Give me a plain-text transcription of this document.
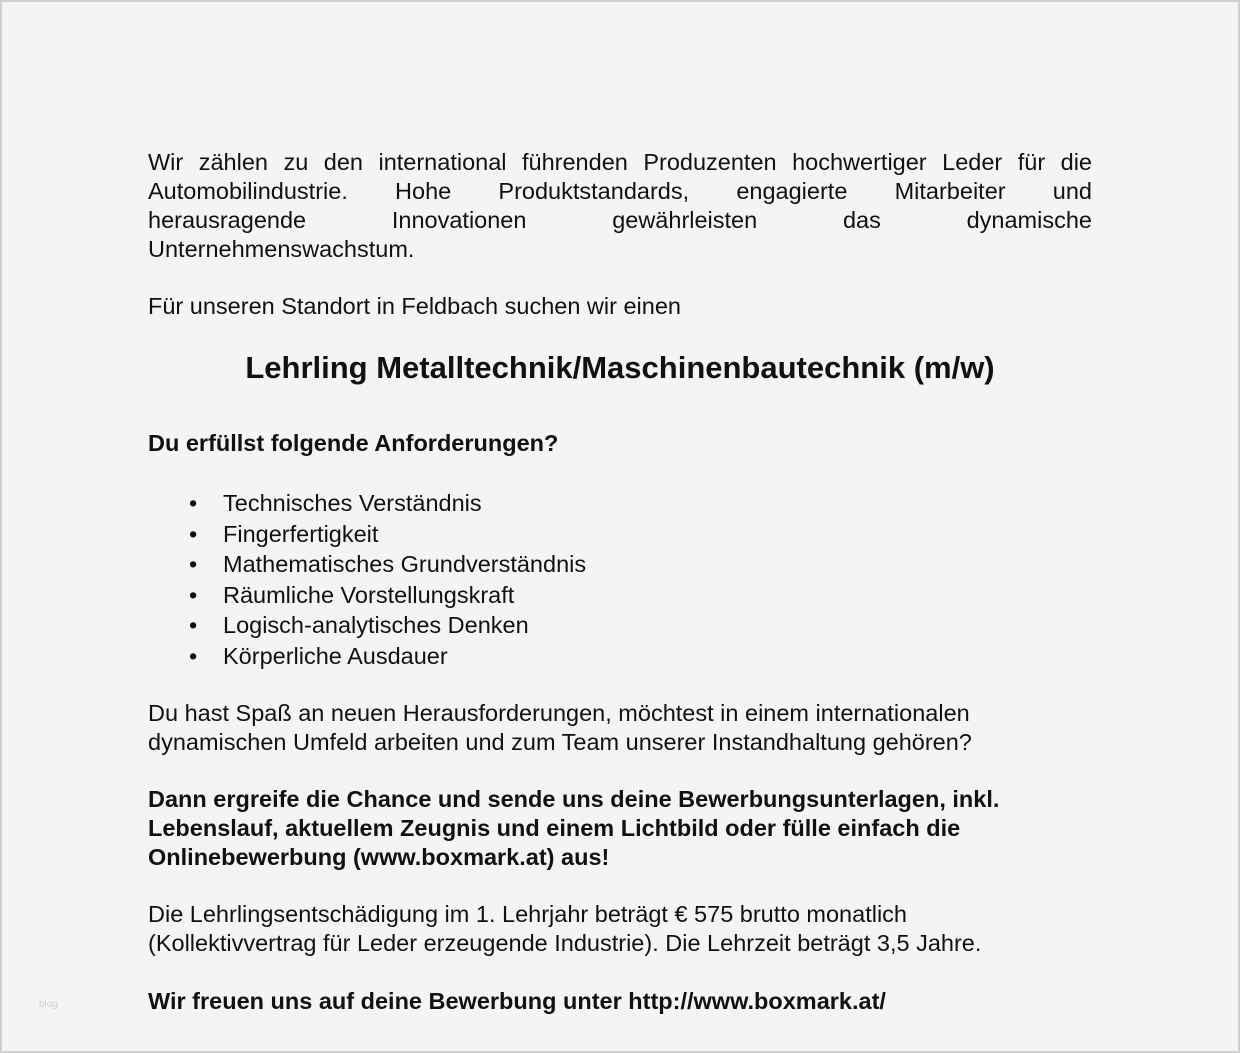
Wir zählen zu den international führenden Produzenten hochwertiger Leder für die
Automobilindustrie. Hohe Produktstandards, engagierte Mitarbeiter und
herausragende Innovationen gewährleisten das dynamische
Unternehmenswachstum.
Für unseren Standort in Feldbach suchen wir einen
Lehrling Metalltechnik/Maschinenbautechnik (m/w)
Du erfüllst folgende Anforderungen?
• Technisches Verständnis
• Fingerfertigkeit
• Mathematisches Grundverständnis
• Räumliche Vorstellungskraft
• Logisch-analytisches Denken
• Körperliche Ausdauer
Du hast Spaß an neuen Herausforderungen, möchtest in einem internationalen
dynamischen Umfeld arbeiten und zum Team unserer Instandhaltung gehören?
Dann ergreife die Chance und sende uns deine Bewerbungsunterlagen, inkl.
Lebenslauf, aktuellem Zeugnis und einem Lichtbild oder fülle einfach die
Onlinebewerbung (www.boxmark.at) aus!
Die Lehrlingsentschädigung im 1. Lehrjahr beträgt € 575 brutto monatlich
(Kollektivvertrag für Leder erzeugende Industrie). Die Lehrzeit beträgt 3,5 Jahre.
Wir freuen uns auf deine Bewerbung unter http://www.boxmark.at/
blog
